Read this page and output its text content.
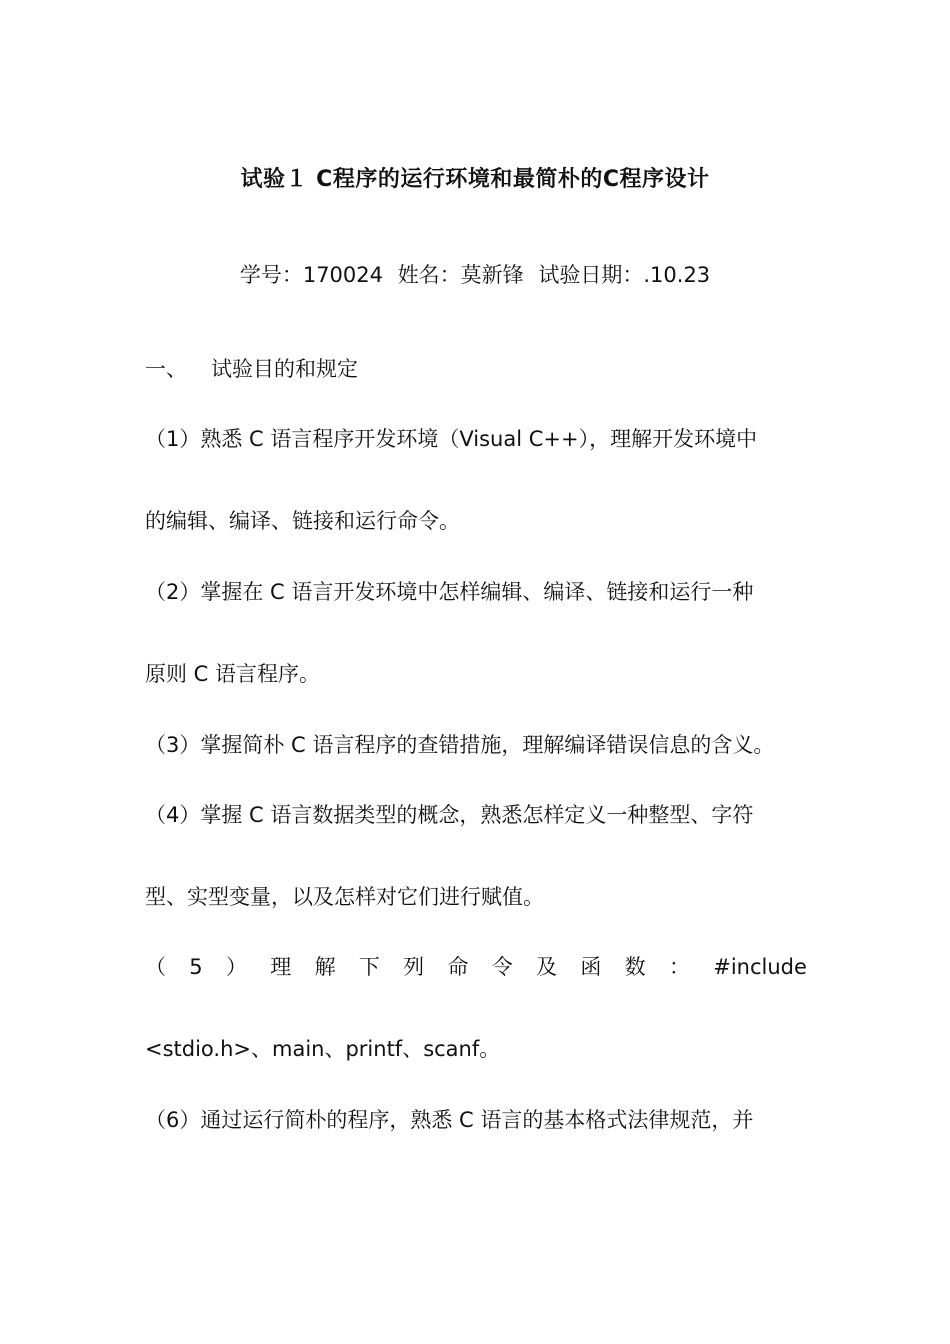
试验１ C程序的运行环境和最简朴的C程序设计
学号：170024 姓名：莫新锋 试验日期：.10.23
一、 试验目的和规定
（1）熟悉 C 语言程序开发环境（Visual C++），理解开发环境中
的编辑、编译、链接和运行命令。
（2）掌握在 C 语言开发环境中怎样编辑、编译、链接和运行一种
原则 C 语言程序。
（3）掌握简朴 C 语言程序的查错措施，理解编译错误信息的含义。
（4）掌握 C 语言数据类型的概念，熟悉怎样定义一种整型、字符
型、实型变量，以及怎样对它们进行赋值。
（ 5 ） 理 解 下 列 命 令 及 函 数 ： #include
<stdio.h>、main、printf、scanf。
（6）通过运行简朴的程序，熟悉 C 语言的基本格式法律规范，并
